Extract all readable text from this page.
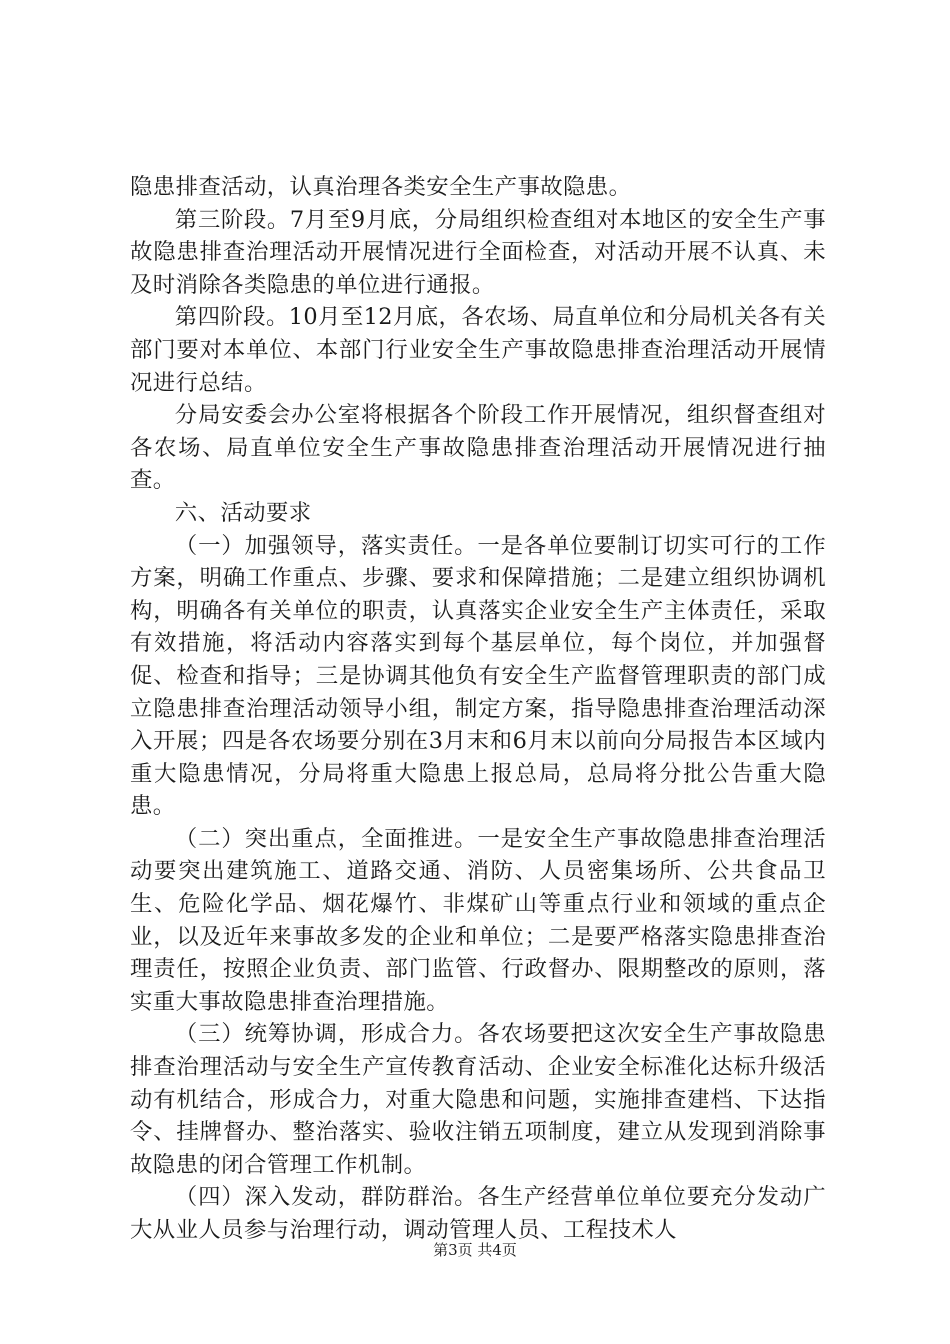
隐患排查活动，认真治理各类安全生产事故隐患。

第三阶段。7月至9月底，分局组织检查组对本地区的安全生产事故隐患排查治理活动开展情况进行全面检查，对活动开展不认真、未及时消除各类隐患的单位进行通报。

第四阶段。10月至12月底，各农场、局直单位和分局机关各有关部门要对本单位、本部门行业安全生产事故隐患排查治理活动开展情况进行总结。

分局安委会办公室将根据各个阶段工作开展情况，组织督查组对各农场、局直单位安全生产事故隐患排查治理活动开展情况进行抽查。

六、活动要求

（一）加强领导，落实责任。一是各单位要制订切实可行的工作方案，明确工作重点、步骤、要求和保障措施；二是建立组织协调机构，明确各有关单位的职责，认真落实企业安全生产主体责任，采取有效措施，将活动内容落实到每个基层单位，每个岗位，并加强督促、检查和指导；三是协调其他负有安全生产监督管理职责的部门成立隐患排查治理活动领导小组，制定方案，指导隐患排查治理活动深入开展；四是各农场要分别在3月末和6月末以前向分局报告本区域内重大隐患情况，分局将重大隐患上报总局，总局将分批公告重大隐患。

（二）突出重点，全面推进。一是安全生产事故隐患排查治理活动要突出建筑施工、道路交通、消防、人员密集场所、公共食品卫生、危险化学品、烟花爆竹、非煤矿山等重点行业和领域的重点企业，以及近年来事故多发的企业和单位；二是要严格落实隐患排查治理责任，按照企业负责、部门监管、行政督办、限期整改的原则，落实重大事故隐患排查治理措施。

（三）统筹协调，形成合力。各农场要把这次安全生产事故隐患排查治理活动与安全生产宣传教育活动、企业安全标准化达标升级活动有机结合，形成合力，对重大隐患和问题，实施排查建档、下达指令、挂牌督办、整治落实、验收注销五项制度，建立从发现到消除事故隐患的闭合管理工作机制。

（四）深入发动，群防群治。各生产经营单位单位要充分发动广大从业人员参与治理行动，调动管理人员、工程技术人

第3页 共4页
